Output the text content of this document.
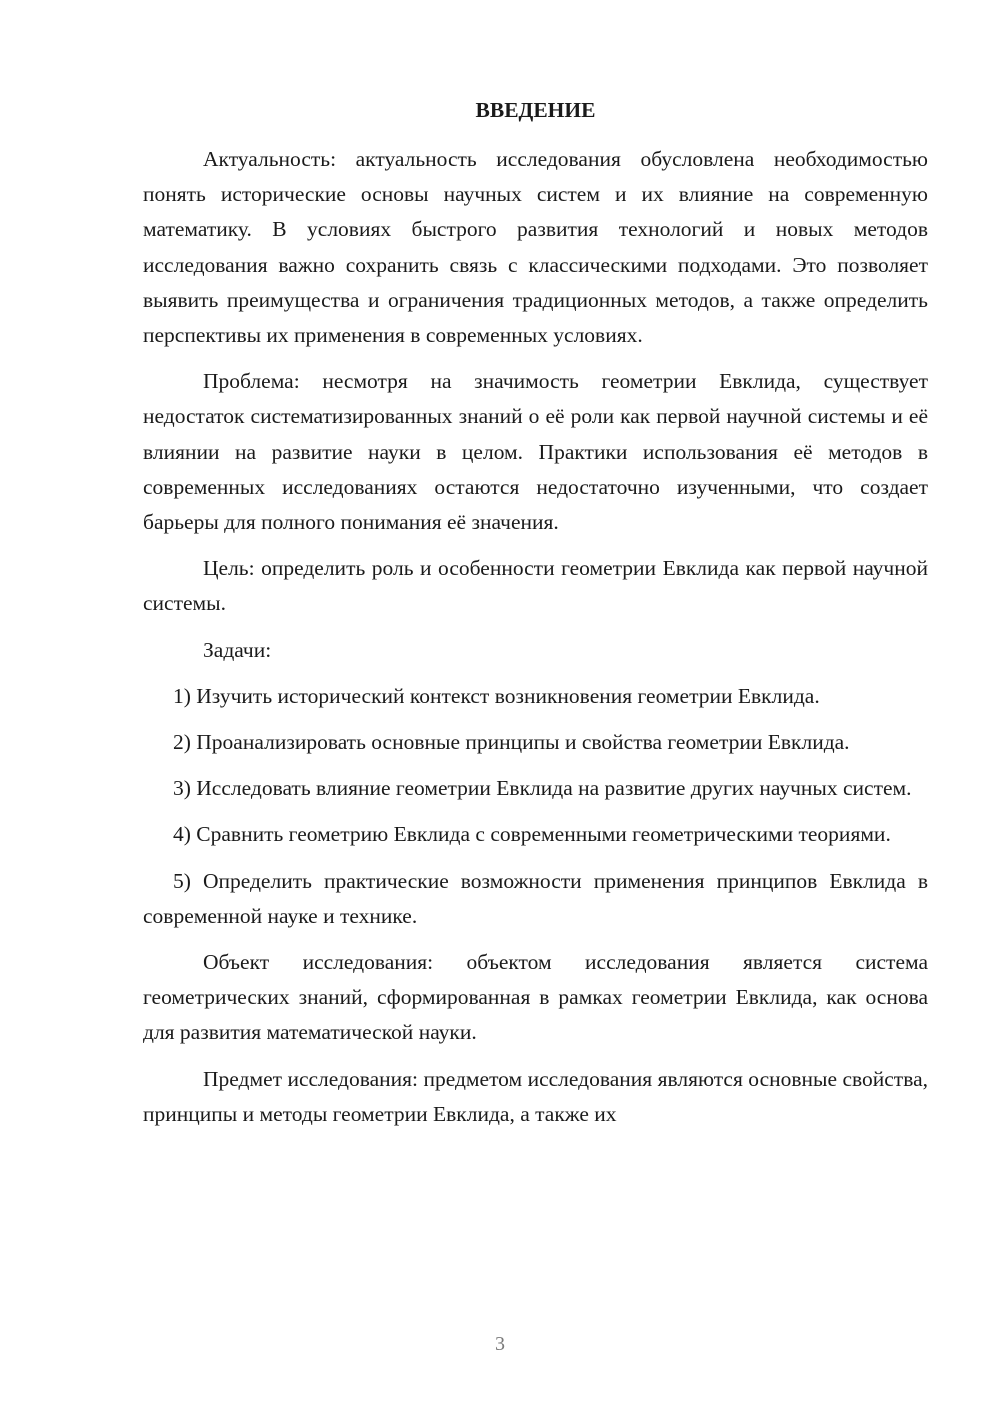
ВВЕДЕНИЕ

Актуальность: актуальность исследования обусловлена необходимостью понять исторические основы научных систем и их влияние на современную математику. В условиях быстрого развития технологий и новых методов исследования важно сохранить связь с классическими подходами. Это позволяет выявить преимущества и ограничения традиционных методов, а также определить перспективы их применения в современных условиях.

Проблема: несмотря на значимость геометрии Евклида, существует недостаток систематизированных знаний о её роли как первой научной системы и её влиянии на развитие науки в целом. Практики использования её методов в современных исследованиях остаются недостаточно изученными, что создает барьеры для полного понимания её значения.

Цель: определить роль и особенности геометрии Евклида как первой научной системы.

Задачи:

1) Изучить исторический контекст возникновения геометрии Евклида.

2) Проанализировать основные принципы и свойства геометрии Евклида.

3) Исследовать влияние геометрии Евклида на развитие других научных систем.

4) Сравнить геометрию Евклида с современными геометрическими теориями.

5) Определить практические возможности применения принципов Евклида в современной науке и технике.

Объект исследования: объектом исследования является система геометрических знаний, сформированная в рамках геометрии Евклида, как основа для развития математической науки.

Предмет исследования: предметом исследования являются основные свойства, принципы и методы геометрии Евклида, а также их

3
